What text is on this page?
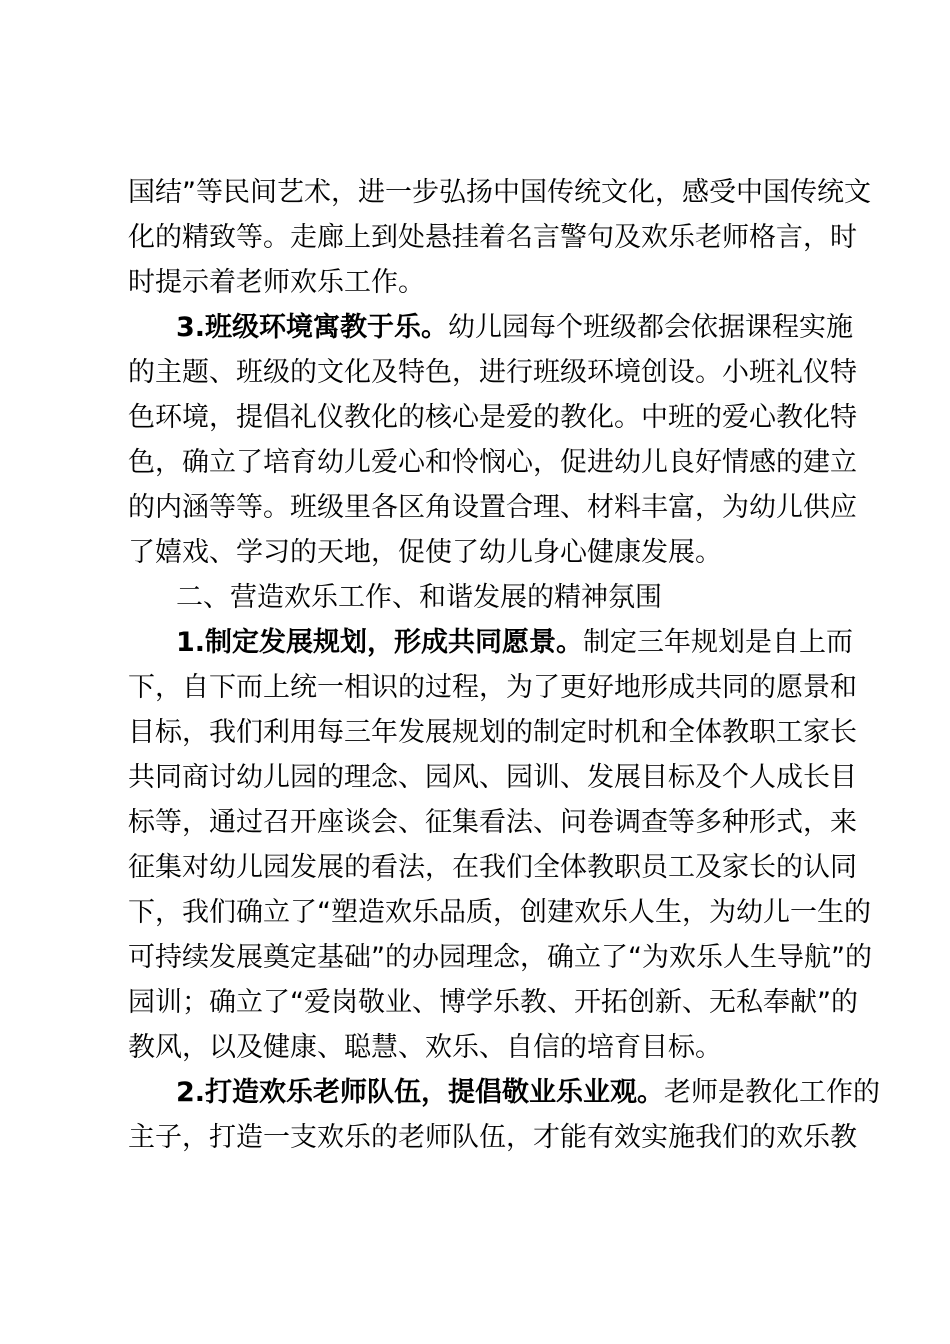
国结”等民间艺术，进一步弘扬中国传统文化，感受中国传统文
化的精致等。走廊上到处悬挂着名言警句及欢乐老师格言，时
时提示着老师欢乐工作。
3.班级环境寓教于乐。幼儿园每个班级都会依据课程实施
的主题、班级的文化及特色，进行班级环境创设。小班礼仪特
色环境，提倡礼仪教化的核心是爱的教化。中班的爱心教化特
色，确立了培育幼儿爱心和怜悯心，促进幼儿良好情感的建立
的内涵等等。班级里各区角设置合理、材料丰富，为幼儿供应
了嬉戏、学习的天地，促使了幼儿身心健康发展。
二、营造欢乐工作、和谐发展的精神氛围
1.制定发展规划，形成共同愿景。制定三年规划是自上而
下，自下而上统一相识的过程，为了更好地形成共同的愿景和
目标，我们利用每三年发展规划的制定时机和全体教职工家长
共同商讨幼儿园的理念、园风、园训、发展目标及个人成长目
标等，通过召开座谈会、征集看法、问卷调查等多种形式，来
征集对幼儿园发展的看法，在我们全体教职员工及家长的认同
下，我们确立了“塑造欢乐品质，创建欢乐人生，为幼儿一生的
可持续发展奠定基础”的办园理念，确立了“为欢乐人生导航”的
园训；确立了“爱岗敬业、博学乐教、开拓创新、无私奉献”的
教风，以及健康、聪慧、欢乐、自信的培育目标。
2.打造欢乐老师队伍，提倡敬业乐业观。老师是教化工作的
主子，打造一支欢乐的老师队伍，才能有效实施我们的欢乐教
